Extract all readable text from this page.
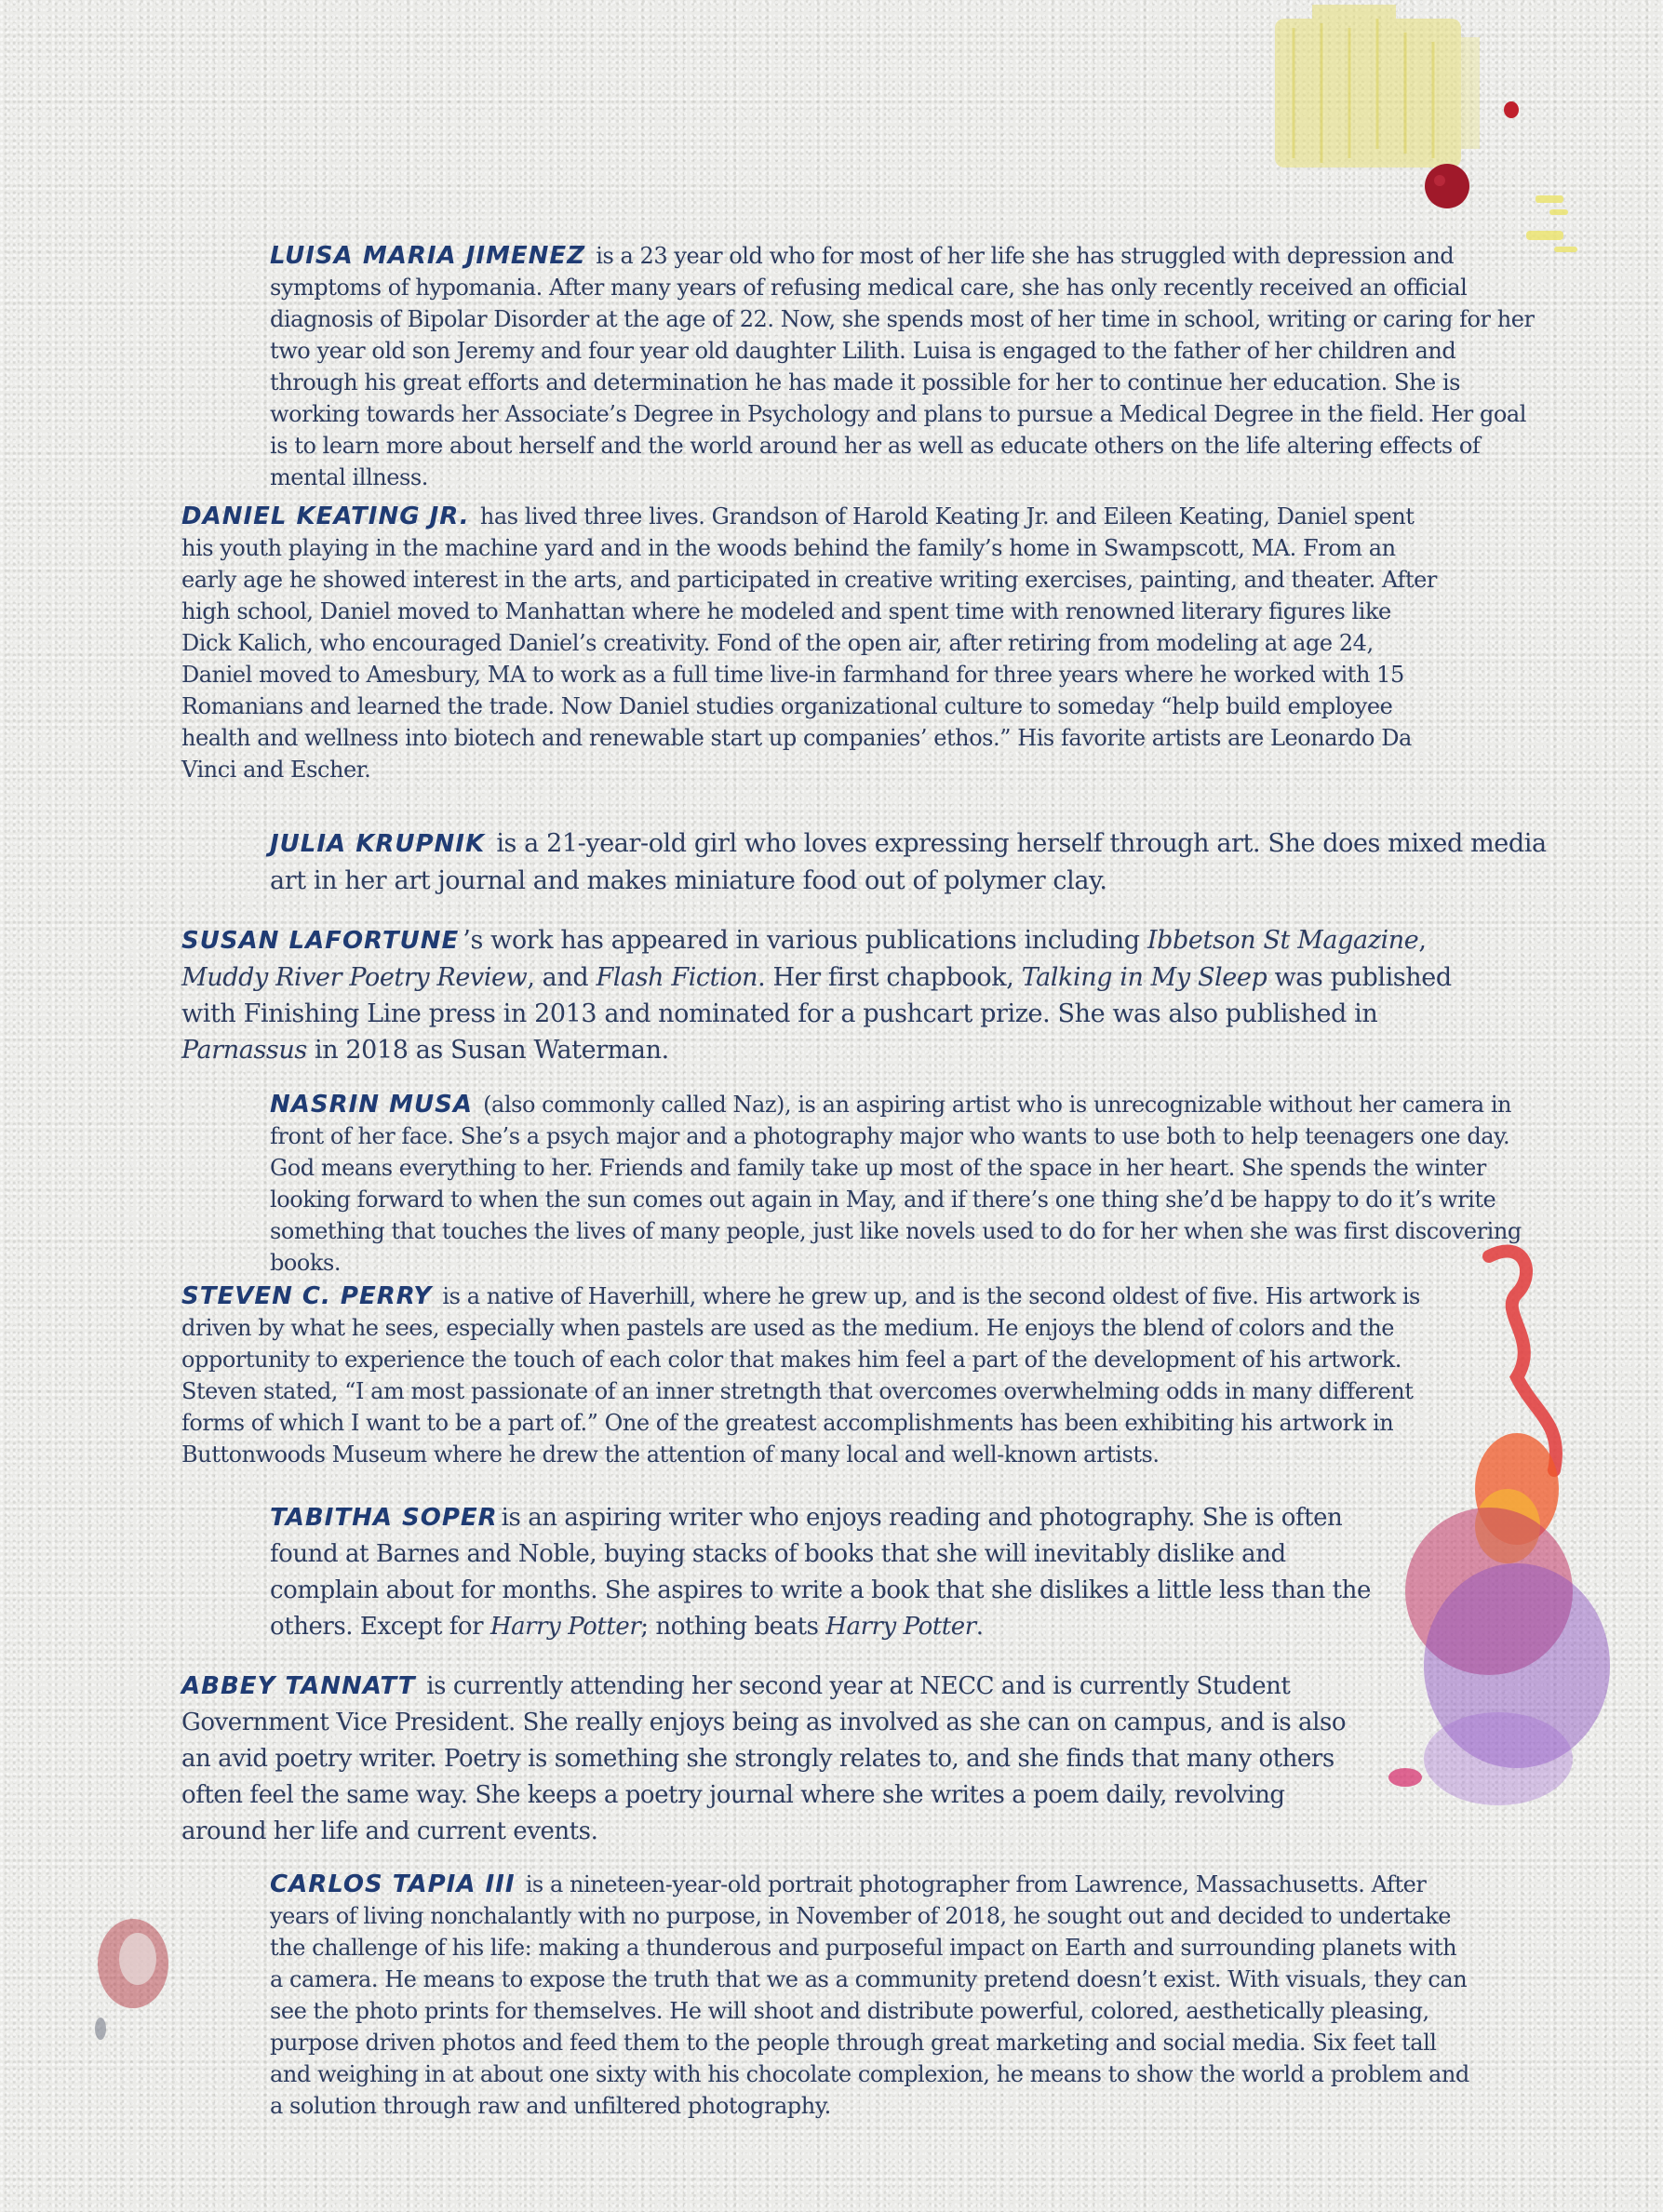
LUISA MARIA JIMENEZ is a 23 year old who for most of her life she has struggled with depression and symptoms of hypomania. After many years of refusing medical care, she has only recently received an official diagnosis of Bipolar Disorder at the age of 22. Now, she spends most of her time in school, writing or caring for her two year old son Jeremy and four year old daughter Lilith. Luisa is engaged to the father of her children and through his great efforts and determination he has made it possible for her to continue her education. She is working towards her Associate’s Degree in Psychology and plans to pursue a Medical Degree in the field. Her goal is to learn more about herself and the world around her as well as educate others on the life altering effects of mental illness.

DANIEL KEATING JR. has lived three lives. Grandson of Harold Keating Jr. and Eileen Keating, Daniel spent his youth playing in the machine yard and in the woods behind the family’s home in Swampscott, MA. From an early age he showed interest in the arts, and participated in creative writing exercises, painting, and theater. After high school, Daniel moved to Manhattan where he modeled and spent time with renowned literary figures like Dick Kalich, who encouraged Daniel’s creativity. Fond of the open air, after retiring from modeling at age 24, Daniel moved to Amesbury, MA to work as a full time live-in farmhand for three years where he worked with 15 Romanians and learned the trade. Now Daniel studies organizational culture to someday “help build employee health and wellness into biotech and renewable start up companies’ ethos.” His favorite artists are Leonardo Da Vinci and Escher.

JULIA KRUPNIK is a 21-year-old girl who loves expressing herself through art. She does mixed media art in her art journal and makes miniature food out of polymer clay.

SUSAN LAFORTUNE ’s work has appeared in various publications including Ibbetson St Magazine, Muddy River Poetry Review, and Flash Fiction. Her first chapbook, Talking in My Sleep was published with Finishing Line press in 2013 and nominated for a pushcart prize. She was also published in Parnassus in 2018 as Susan Waterman.

NASRIN MUSA (also commonly called Naz), is an aspiring artist who is unrecognizable without her camera in front of her face. She’s a psych major and a photography major who wants to use both to help teenagers one day. God means everything to her. Friends and family take up most of the space in her heart. She spends the winter looking forward to when the sun comes out again in May, and if there’s one thing she’d be happy to do it’s write something that touches the lives of many people, just like novels used to do for her when she was first discovering books.

STEVEN C. PERRY is a native of Haverhill, where he grew up, and is the second oldest of five. His artwork is driven by what he sees, especially when pastels are used as the medium. He enjoys the blend of colors and the opportunity to experience the touch of each color that makes him feel a part of the development of his artwork. Steven stated, “I am most passionate of an inner stretngth that overcomes overwhelming odds in many different forms of which I want to be a part of.” One of the greatest accomplishments has been exhibiting his artwork in Buttonwoods Museum where he drew the attention of many local and well-known artists.

TABITHA SOPER is an aspiring writer who enjoys reading and photography. She is often found at Barnes and Noble, buying stacks of books that she will inevitably dislike and complain about for months. She aspires to write a book that she dislikes a little less than the others. Except for Harry Potter; nothing beats Harry Potter.

ABBEY TANNATT is currently attending her second year at NECC and is currently Student Government Vice President. She really enjoys being as involved as she can on campus, and is also an avid poetry writer. Poetry is something she strongly relates to, and she finds that many others often feel the same way. She keeps a poetry journal where she writes a poem daily, revolving around her life and current events.

CARLOS TAPIA III is a nineteen-year-old portrait photographer from Lawrence, Massachusetts. After years of living nonchalantly with no purpose, in November of 2018, he sought out and decided to undertake the challenge of his life: making a thunderous and purposeful impact on Earth and surrounding planets with a camera. He means to expose the truth that we as a community pretend doesn’t exist. With visuals, they can see the photo prints for themselves. He will shoot and distribute powerful, colored, aesthetically pleasing, purpose driven photos and feed them to the people through great marketing and social media. Six feet tall and weighing in at about one sixty with his chocolate complexion, he means to show the world a problem and a solution through raw and unfiltered photography.
